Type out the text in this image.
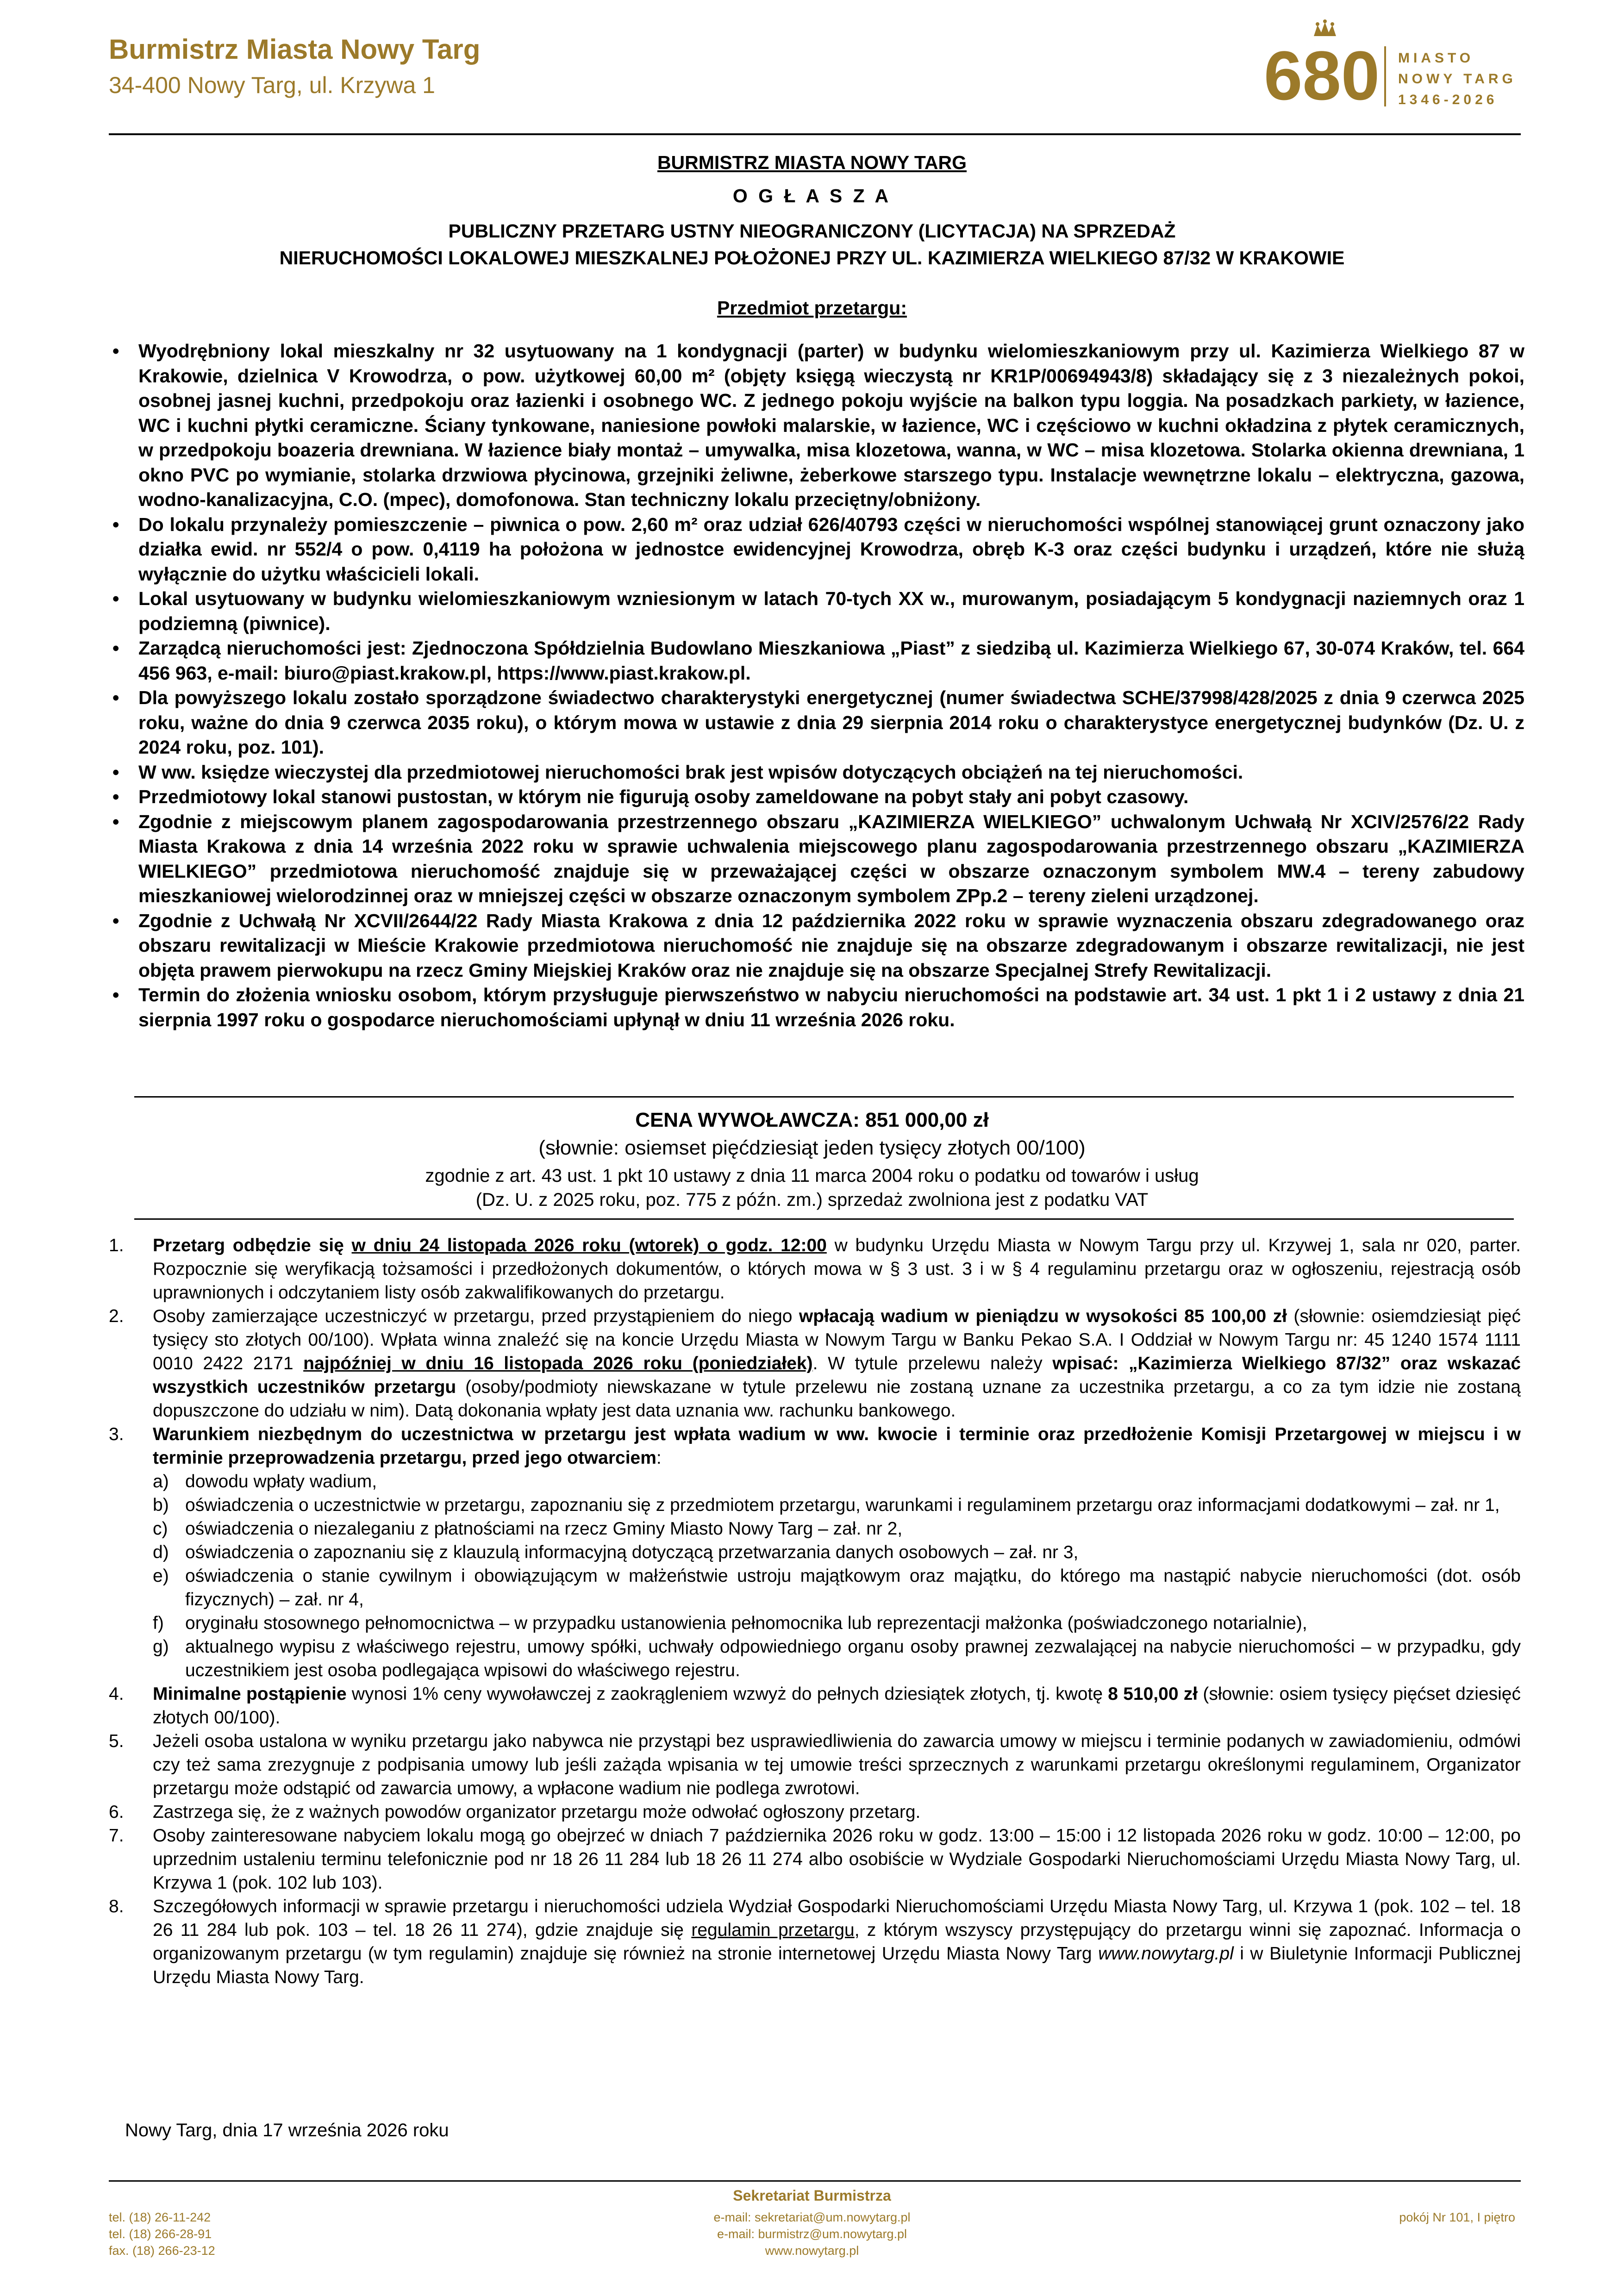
Burmistrz Miasta Nowy Targ
34-400 Nowy Targ, ul. Krzywa 1	680 MIASTO
NOWY TARG
1346-2026
BURMISTRZ MIASTA NOWY TARG
O G Ł A S Z A
PUBLICZNY PRZETARG USTNY NIEOGRANICZONY (LICYTACJA) NA SPRZEDAŻ
NIERUCHOMOŚCI LOKALOWEJ MIESZKALNEJ POŁOŻONEJ PRZY UL. KAZIMIERZA WIELKIEGO 87/32 W KRAKOWIE
Przedmiot przetargu:
• Wyodrębniony lokal mieszkalny nr 32 usytuowany na 1 kondygnacji (parter) w budynku wielomieszkaniowym przy ul. Kazimierza Wielkiego 87 w Krakowie, dzielnica V Krowodrza, o pow. użytkowej 60,00 m² (objęty księgą wieczystą nr KR1P/00694943/8) składający się z 3 niezależnych pokoi, osobnej jasnej kuchni, przedpokoju oraz łazienki i osobnego WC. Z jednego pokoju wyjście na balkon typu loggia. Na posadzkach parkiety, w łazience, WC i kuchni płytki ceramiczne. Ściany tynkowane, naniesione powłoki malarskie, w łazience, WC i częściowo w kuchni okładzina z płytek ceramicznych, w przedpokoju boazeria drewniana. W łazience biały montaż – umywalka, misa klozetowa, wanna, w WC – misa klozetowa. Stolarka okienna drewniana, 1 okno PVC po wymianie, stolarka drzwiowa płycinowa, grzejniki żeliwne, żeberkowe starszego typu. Instalacje wewnętrzne lokalu – elektryczna, gazowa, wodno-kanalizacyjna, C.O. (mpec), domofonowa. Stan techniczny lokalu przeciętny/obniżony.
• Do lokalu przynależy pomieszczenie – piwnica o pow. 2,60 m² oraz udział 626/40793 części w nieruchomości wspólnej stanowiącej grunt oznaczony jako działka ewid. nr 552/4 o pow. 0,4119 ha położona w jednostce ewidencyjnej Krowodrza, obręb K-3 oraz części budynku i urządzeń, które nie służą wyłącznie do użytku właścicieli lokali.
• Lokal usytuowany w budynku wielomieszkaniowym wzniesionym w latach 70-tych XX w., murowanym, posiadającym 5 kondygnacji naziemnych oraz 1 podziemną (piwnice).
• Zarządcą nieruchomości jest: Zjednoczona Spółdzielnia Budowlano Mieszkaniowa „Piast” z siedzibą ul. Kazimierza Wielkiego 67, 30-074 Kraków, tel. 664 456 963, e-mail: biuro@piast.krakow.pl, https://www.piast.krakow.pl.
• Dla powyższego lokalu zostało sporządzone świadectwo charakterystyki energetycznej (numer świadectwa SCHE/37998/428/2025 z dnia 9 czerwca 2025 roku, ważne do dnia 9 czerwca 2035 roku), o którym mowa w ustawie z dnia 29 sierpnia 2014 roku o charakterystyce energetycznej budynków (Dz. U. z 2024 roku, poz. 101).
• W ww. księdze wieczystej dla przedmiotowej nieruchomości brak jest wpisów dotyczących obciążeń na tej nieruchomości.
• Przedmiotowy lokal stanowi pustostan, w którym nie figurują osoby zameldowane na pobyt stały ani pobyt czasowy.
• Zgodnie z miejscowym planem zagospodarowania przestrzennego obszaru „KAZIMIERZA WIELKIEGO” uchwalonym Uchwałą Nr XCIV/2576/22 Rady Miasta Krakowa z dnia 14 września 2022 roku w sprawie uchwalenia miejscowego planu zagospodarowania przestrzennego obszaru „KAZIMIERZA WIELKIEGO” przedmiotowa nieruchomość znajduje się w przeważającej części w obszarze oznaczonym symbolem MW.4 – tereny zabudowy mieszkaniowej wielorodzinnej oraz w mniejszej części w obszarze oznaczonym symbolem ZPp.2 – tereny zieleni urządzonej.
• Zgodnie z Uchwałą Nr XCVII/2644/22 Rady Miasta Krakowa z dnia 12 października 2022 roku w sprawie wyznaczenia obszaru zdegradowanego oraz obszaru rewitalizacji w Mieście Krakowie przedmiotowa nieruchomość nie znajduje się na obszarze zdegradowanym i obszarze rewitalizacji, nie jest objęta prawem pierwokupu na rzecz Gminy Miejskiej Kraków oraz nie znajduje się na obszarze Specjalnej Strefy Rewitalizacji.
• Termin do złożenia wniosku osobom, którym przysługuje pierwszeństwo w nabyciu nieruchomości na podstawie art. 34 ust. 1 pkt 1 i 2 ustawy z dnia 21 sierpnia 1997 roku o gospodarce nieruchomościami upłynął w dniu 11 września 2026 roku.
CENA WYWOŁAWCZA: 851 000,00 zł
(słownie: osiemset pięćdziesiąt jeden tysięcy złotych 00/100)
zgodnie z art. 43 ust. 1 pkt 10 ustawy z dnia 11 marca 2004 roku o podatku od towarów i usług
(Dz. U. z 2025 roku, poz. 775 z późn. zm.) sprzedaż zwolniona jest z podatku VAT
1. Przetarg odbędzie się w dniu 24 listopada 2026 roku (wtorek) o godz. 12:00 w budynku Urzędu Miasta w Nowym Targu przy ul. Krzywej 1, sala nr 020, parter. Rozpocznie się weryfikacją tożsamości i przedłożonych dokumentów, o których mowa w § 3 ust. 3 i w § 4 regulaminu przetargu oraz w ogłoszeniu, rejestracją osób uprawnionych i odczytaniem listy osób zakwalifikowanych do przetargu.
2. Osoby zamierzające uczestniczyć w przetargu, przed przystąpieniem do niego wpłacają wadium w pieniądzu w wysokości 85 100,00 zł (słownie: osiemdziesiąt pięć tysięcy sto złotych 00/100). Wpłata winna znaleźć się na koncie Urzędu Miasta w Nowym Targu w Banku Pekao S.A. I Oddział w Nowym Targu nr: 45 1240 1574 1111 0010 2422 2171 najpóźniej w dniu 16 listopada 2026 roku (poniedziałek). W tytule przelewu należy wpisać: „Kazimierza Wielkiego 87/32” oraz wskazać wszystkich uczestników przetargu (osoby/podmioty niewskazane w tytule przelewu nie zostaną uznane za uczestnika przetargu, a co za tym idzie nie zostaną dopuszczone do udziału w nim). Datą dokonania wpłaty jest data uznania ww. rachunku bankowego.
3. Warunkiem niezbędnym do uczestnictwa w przetargu jest wpłata wadium w ww. kwocie i terminie oraz przedłożenie Komisji Przetargowej w miejscu i w terminie przeprowadzenia przetargu, przed jego otwarciem:
a) dowodu wpłaty wadium,
b) oświadczenia o uczestnictwie w przetargu, zapoznaniu się z przedmiotem przetargu, warunkami i regulaminem przetargu oraz informacjami dodatkowymi – zał. nr 1,
c) oświadczenia o niezaleganiu z płatnościami na rzecz Gminy Miasto Nowy Targ – zał. nr 2,
d) oświadczenia o zapoznaniu się z klauzulą informacyjną dotyczącą przetwarzania danych osobowych – zał. nr 3,
e) oświadczenia o stanie cywilnym i obowiązującym w małżeństwie ustroju majątkowym oraz majątku, do którego ma nastąpić nabycie nieruchomości (dot. osób fizycznych) – zał. nr 4,
f) oryginału stosownego pełnomocnictwa – w przypadku ustanowienia pełnomocnika lub reprezentacji małżonka (poświadczonego notarialnie),
g) aktualnego wypisu z właściwego rejestru, umowy spółki, uchwały odpowiedniego organu osoby prawnej zezwalającej na nabycie nieruchomości – w przypadku, gdy uczestnikiem jest osoba podlegająca wpisowi do właściwego rejestru.
4. Minimalne postąpienie wynosi 1% ceny wywoławczej z zaokrągleniem wzwyż do pełnych dziesiątek złotych, tj. kwotę 8 510,00 zł (słownie: osiem tysięcy pięćset dziesięć złotych 00/100).
5. Jeżeli osoba ustalona w wyniku przetargu jako nabywca nie przystąpi bez usprawiedliwienia do zawarcia umowy w miejscu i terminie podanych w zawiadomieniu, odmówi czy też sama zrezygnuje z podpisania umowy lub jeśli zażąda wpisania w tej umowie treści sprzecznych z warunkami przetargu określonymi regulaminem, Organizator przetargu może odstąpić od zawarcia umowy, a wpłacone wadium nie podlega zwrotowi.
6. Zastrzega się, że z ważnych powodów organizator przetargu może odwołać ogłoszony przetarg.
7. Osoby zainteresowane nabyciem lokalu mogą go obejrzeć w dniach 7 października 2026 roku w godz. 13:00 – 15:00 i 12 listopada 2026 roku w godz. 10:00 – 12:00, po uprzednim ustaleniu terminu telefonicznie pod nr 18 26 11 284 lub 18 26 11 274 albo osobiście w Wydziale Gospodarki Nieruchomościami Urzędu Miasta Nowy Targ, ul. Krzywa 1 (pok. 102 lub 103).
8. Szczegółowych informacji w sprawie przetargu i nieruchomości udziela Wydział Gospodarki Nieruchomościami Urzędu Miasta Nowy Targ, ul. Krzywa 1 (pok. 102 – tel. 18 26 11 284 lub pok. 103 – tel. 18 26 11 274), gdzie znajduje się regulamin przetargu, z którym wszyscy przystępujący do przetargu winni się zapoznać. Informacja o organizowanym przetargu (w tym regulamin) znajduje się również na stronie internetowej Urzędu Miasta Nowy Targ www.nowytarg.pl i w Biuletynie Informacji Publicznej Urzędu Miasta Nowy Targ.
Nowy Targ, dnia 17 września 2026 roku
Sekretariat Burmistrza
tel. (18) 26-11-242
tel. (18) 266-28-91
fax. (18) 266-23-12
e-mail: sekretariat@um.nowytarg.pl
e-mail: burmistrz@um.nowytarg.pl
www.nowytarg.pl
pokój Nr 101, I piętro
